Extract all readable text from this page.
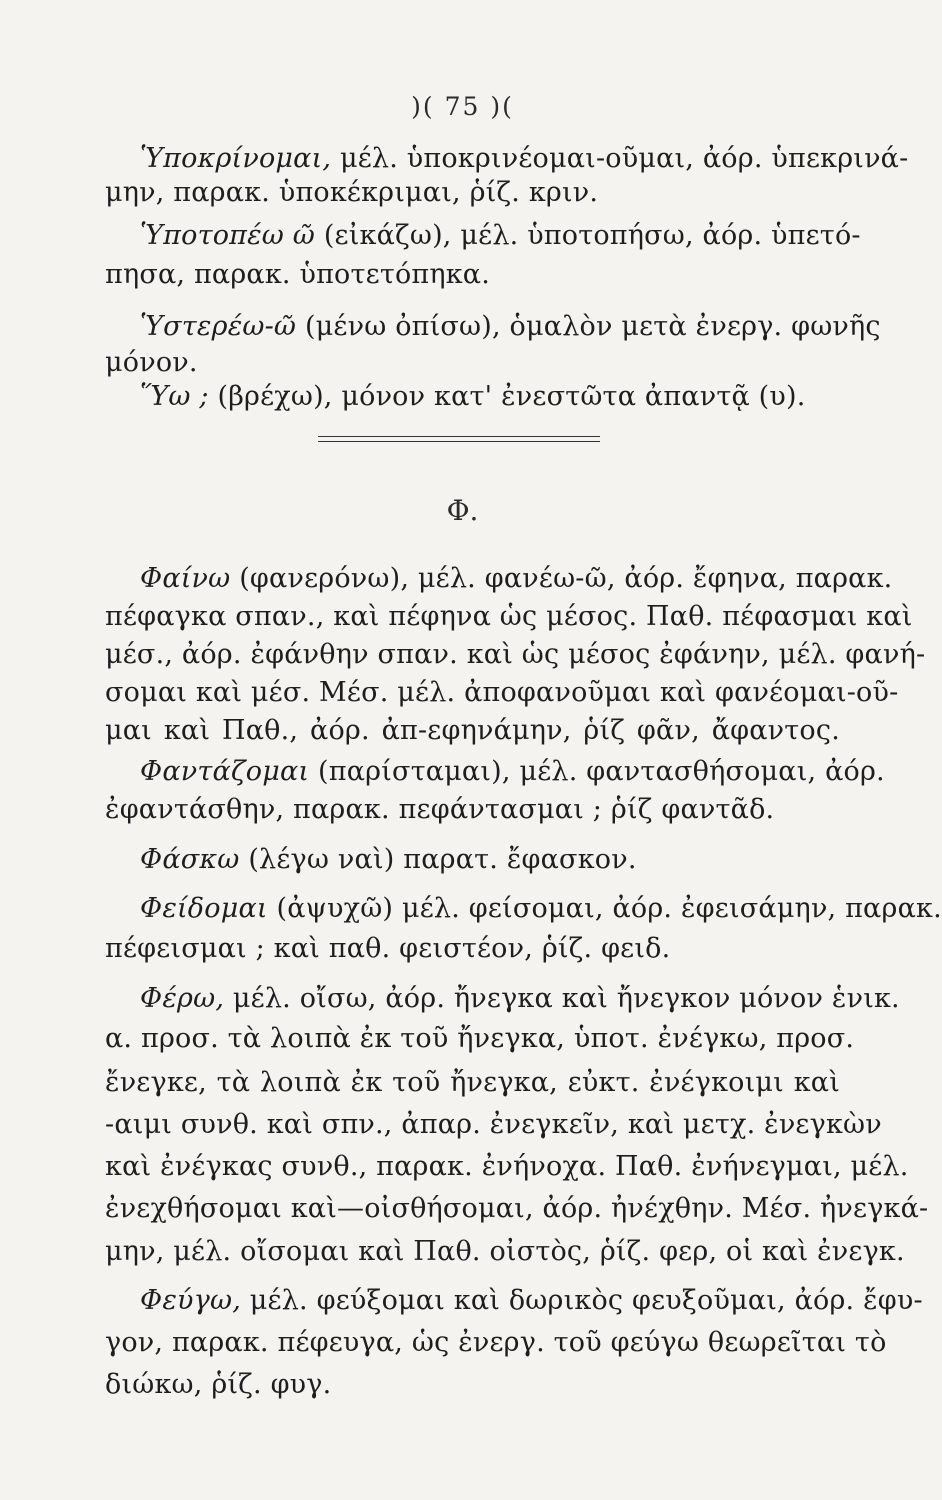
)( 75 )(
Ὑποκρίνομαι, μέλ. ὑποκρινέομαι-οῦμαι, ἀόρ. ὑπεκρινά-
μην, παρακ. ὑποκέκριμαι, ῥίζ. κριν.
Ὑποτοπέω ῶ (εἰκάζω), μέλ. ὑποτοπήσω, ἀόρ. ὑπετό-
πησα, παρακ. ὑποτετόπηκα.
Ὑστερέω-ῶ (μένω ὀπίσω), ὁμαλὸν μετὰ ἐνεργ. φωνῆς
μόνον.
Ὕω ; (βρέχω), μόνον κατ' ἐνεστῶτα ἀπαντᾷ (υ).
Φ.
Φαίνω (φανερόνω), μέλ. φανέω-ῶ, ἀόρ. ἔφηνα, παρακ.
πέφαγκα σπαν., καὶ πέφηνα ὡς μέσος. Παθ. πέφασμαι καὶ
μέσ., ἀόρ. ἐφάνθην σπαν. καὶ ὡς μέσος ἐφάνην, μέλ. φανή-
σομαι καὶ μέσ. Μέσ. μέλ. ἀποφανοῦμαι καὶ φανέομαι-οῦ-
μαι καὶ Παθ., ἀόρ. ἀπ-εφηνάμην, ῥίζ φᾶν, ἄφαντος.
Φαντάζομαι (παρίσταμαι), μέλ. φαντασθήσομαι, ἀόρ.
ἐφαντάσθην, παρακ. πεφάντασμαι ; ῥίζ φαντᾶδ.
Φάσκω (λέγω ναὶ) παρατ. ἔφασκον.
Φείδομαι (ἀψυχῶ) μέλ. φείσομαι, ἀόρ. ἐφεισάμην, παρακ.
πέφεισμαι ; καὶ παθ. φειστέον, ῥίζ. φειδ.
Φέρω, μέλ. οἴσω, ἀόρ. ἤνεγκα καὶ ἤνεγκον μόνον ἑνικ.
α. προσ. τὰ λοιπὰ ἐκ τοῦ ἤνεγκα, ὑποτ. ἐνέγκω, προσ.
ἔνεγκε, τὰ λοιπὰ ἐκ τοῦ ἤνεγκα, εὐκτ. ἐνέγκοιμι καὶ
-αιμι συνθ. καὶ σπν., ἀπαρ. ἐνεγκεῖν, καὶ μετχ. ἐνεγκὼν
καὶ ἐνέγκας συνθ., παρακ. ἐνήνοχα. Παθ. ἐνήνεγμαι, μέλ.
ἐνεχθήσομαι καὶ—οἰσθήσομαι, ἀόρ. ἠνέχθην. Μέσ. ἠνεγκά-
μην, μέλ. οἴσομαι καὶ Παθ. οἰστὸς, ῥίζ. φερ, οἱ καὶ ἐνεγκ.
Φεύγω, μέλ. φεύξομαι καὶ δωρικὸς φευξοῦμαι, ἀόρ. ἔφυ-
γον, παρακ. πέφευγα, ὡς ἐνεργ. τοῦ φεύγω θεωρεῖται τὸ
διώκω, ῥίζ. φυγ.
